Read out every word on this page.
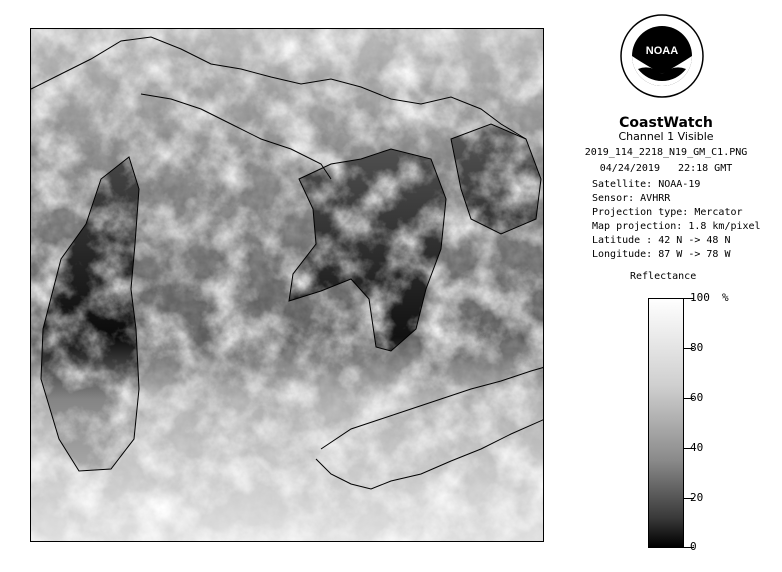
NOAA
CoastWatch
Channel 1 Visible
2019_114_2218_N19_GM_C1.PNG
04/24/2019 22:18 GMT
Satellite: NOAA-19
Sensor: AVHRR
Projection type: Mercator
Map projection: 1.8 km/pixel
Latitude : 42 N -> 48 N
Longitude: 87 W -> 78 W
Reflectance
%
100
80
60
40
20
0
